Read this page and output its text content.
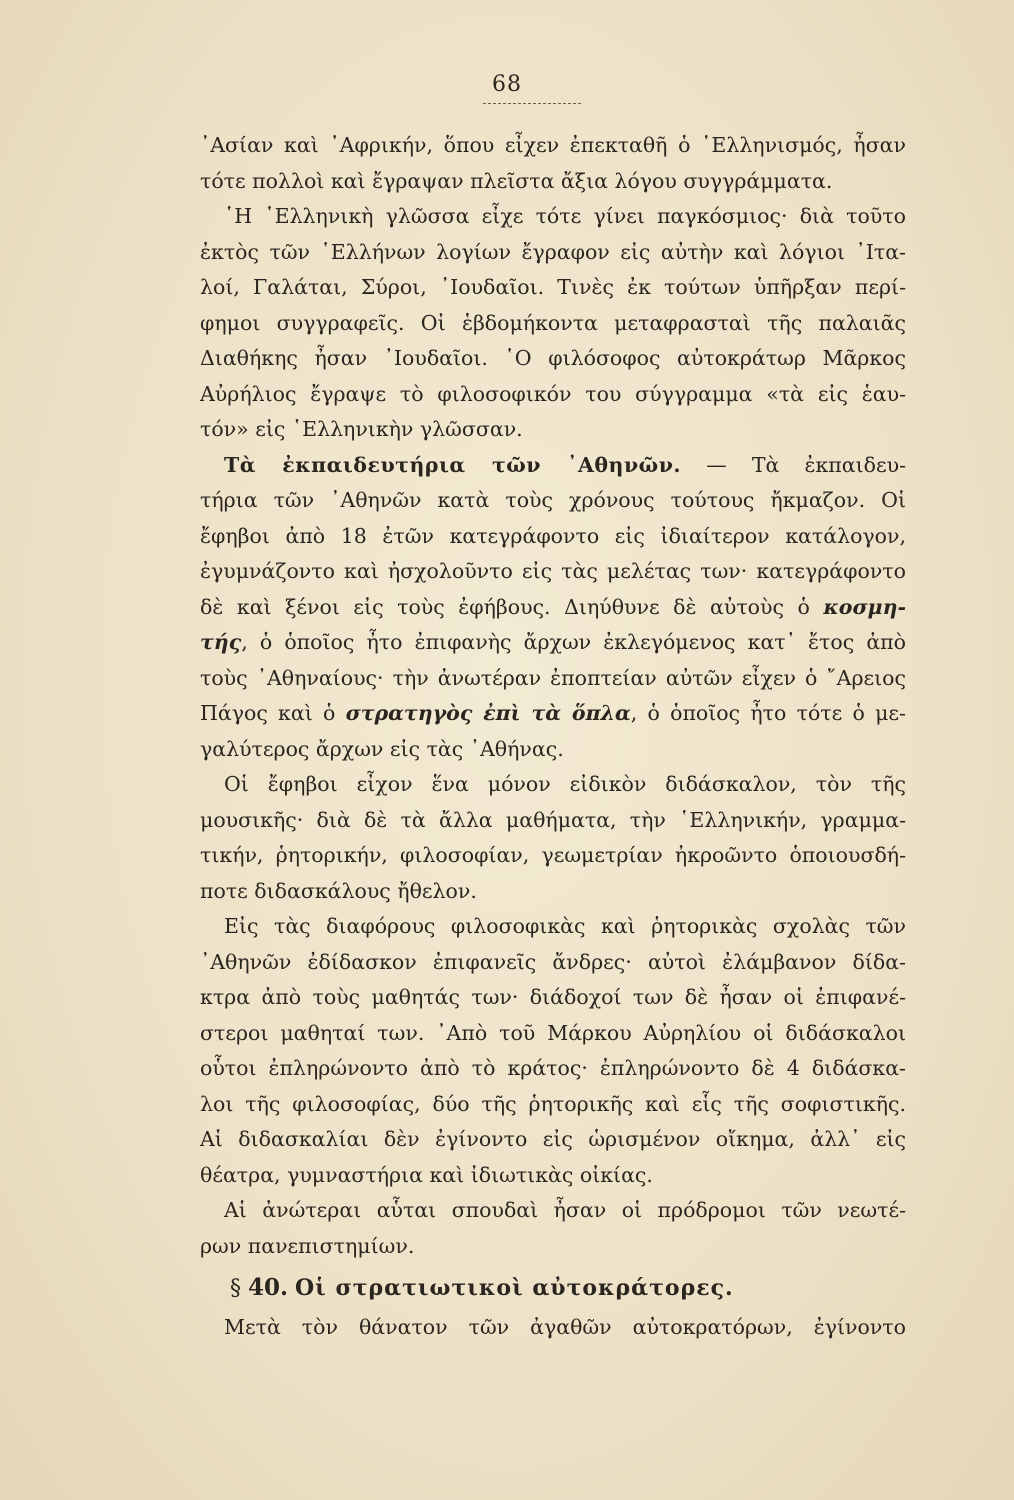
68
᾿Ασίαν καὶ ᾿Αφρικήν, ὅπου εἶχεν ἐπεκταθῆ ὁ ῾Ελληνισμός, ἦσαν
τότε πολλοὶ καὶ ἔγραψαν πλεῖστα ἄξια λόγου συγγράμματα.
῾Η ῾Ελληνικὴ γλῶσσα εἶχε τότε γίνει παγκόσμιος· διὰ τοῦτο
ἐκτὸς τῶν ῾Ελλήνων λογίων ἔγραφον εἰς αὐτὴν καὶ λόγιοι ᾿Ιτα-
λοί, Γαλάται, Σύροι, ᾿Ιουδαῖοι. Τινὲς ἐκ τούτων ὑπῆρξαν περί-
φημοι συγγραφεῖς. Οἱ ἑβδομήκοντα μεταφρασταὶ τῆς παλαιᾶς
Διαθήκης ἦσαν ᾿Ιουδαῖοι. ῾Ο φιλόσοφος αὐτοκράτωρ Μᾶρκος
Αὐρήλιος ἔγραψε τὸ φιλοσοφικόν του σύγγραμμα «τὰ εἰς ἑαυ-
τόν» εἰς ῾Ελληνικὴν γλῶσσαν.
Τὰ ἐκπαιδευτήρια τῶν ᾿Αθηνῶν. — Τὰ ἐκπαιδευ-
τήρια τῶν ᾿Αθηνῶν κατὰ τοὺς χρόνους τούτους ἤκμαζον. Οἱ
ἔφηβοι ἀπὸ 18 ἐτῶν κατεγράφοντο εἰς ἰδιαίτερον κατάλογον,
ἐγυμνάζοντο καὶ ἠσχολοῦντο εἰς τὰς μελέτας των· κατεγράφοντο
δὲ καὶ ξένοι εἰς τοὺς ἐφήβους. Διηύθυνε δὲ αὐτοὺς ὁ κοσμη-
τής, ὁ ὁποῖος ἦτο ἐπιφανὴς ἄρχων ἐκλεγόμενος κατ᾿ ἔτος ἀπὸ
τοὺς ᾿Αθηναίους· τὴν ἀνωτέραν ἐποπτείαν αὐτῶν εἶχεν ὁ ῎Αρειος
Πάγος καὶ ὁ στρατηγὸς ἐπὶ τὰ ὅπλα, ὁ ὁποῖος ἦτο τότε ὁ με-
γαλύτερος ἄρχων εἰς τὰς ᾿Αθήνας.
Οἱ ἔφηβοι εἶχον ἕνα μόνον εἰδικὸν διδάσκαλον, τὸν τῆς
μουσικῆς· διὰ δὲ τὰ ἄλλα μαθήματα, τὴν ῾Ελληνικήν, γραμμα-
τικήν, ῥητορικήν, φιλοσοφίαν, γεωμετρίαν ἠκροῶντο ὁποιουσδή-
ποτε διδασκάλους ἤθελον.
Εἰς τὰς διαφόρους φιλοσοφικὰς καὶ ῥητορικὰς σχολὰς τῶν
᾿Αθηνῶν ἐδίδασκον ἐπιφανεῖς ἄνδρες· αὐτοὶ ἐλάμβανον δίδα-
κτρα ἀπὸ τοὺς μαθητάς των· διάδοχοί των δὲ ἦσαν οἱ ἐπιφανέ-
στεροι μαθηταί των. ᾿Απὸ τοῦ Μάρκου Αὐρηλίου οἱ διδάσκαλοι
οὗτοι ἐπληρώνοντο ἀπὸ τὸ κράτος· ἐπληρώνοντο δὲ 4 διδάσκα-
λοι τῆς φιλοσοφίας, δύο τῆς ῥητορικῆς καὶ εἷς τῆς σοφιστικῆς.
Αἱ διδασκαλίαι δὲν ἐγίνοντο εἰς ὡρισμένον οἴκημα, ἀλλ᾿ εἰς
θέατρα, γυμναστήρια καὶ ἰδιωτικὰς οἰκίας.
Αἱ ἀνώτεραι αὗται σπουδαὶ ἦσαν οἱ πρόδρομοι τῶν νεωτέ-
ρων πανεπιστημίων.
§ 40. Οἱ στρατιωτικοὶ αὐτοκράτορες.
Μετὰ τὸν θάνατον τῶν ἀγαθῶν αὐτοκρατόρων, ἐγίνοντο
